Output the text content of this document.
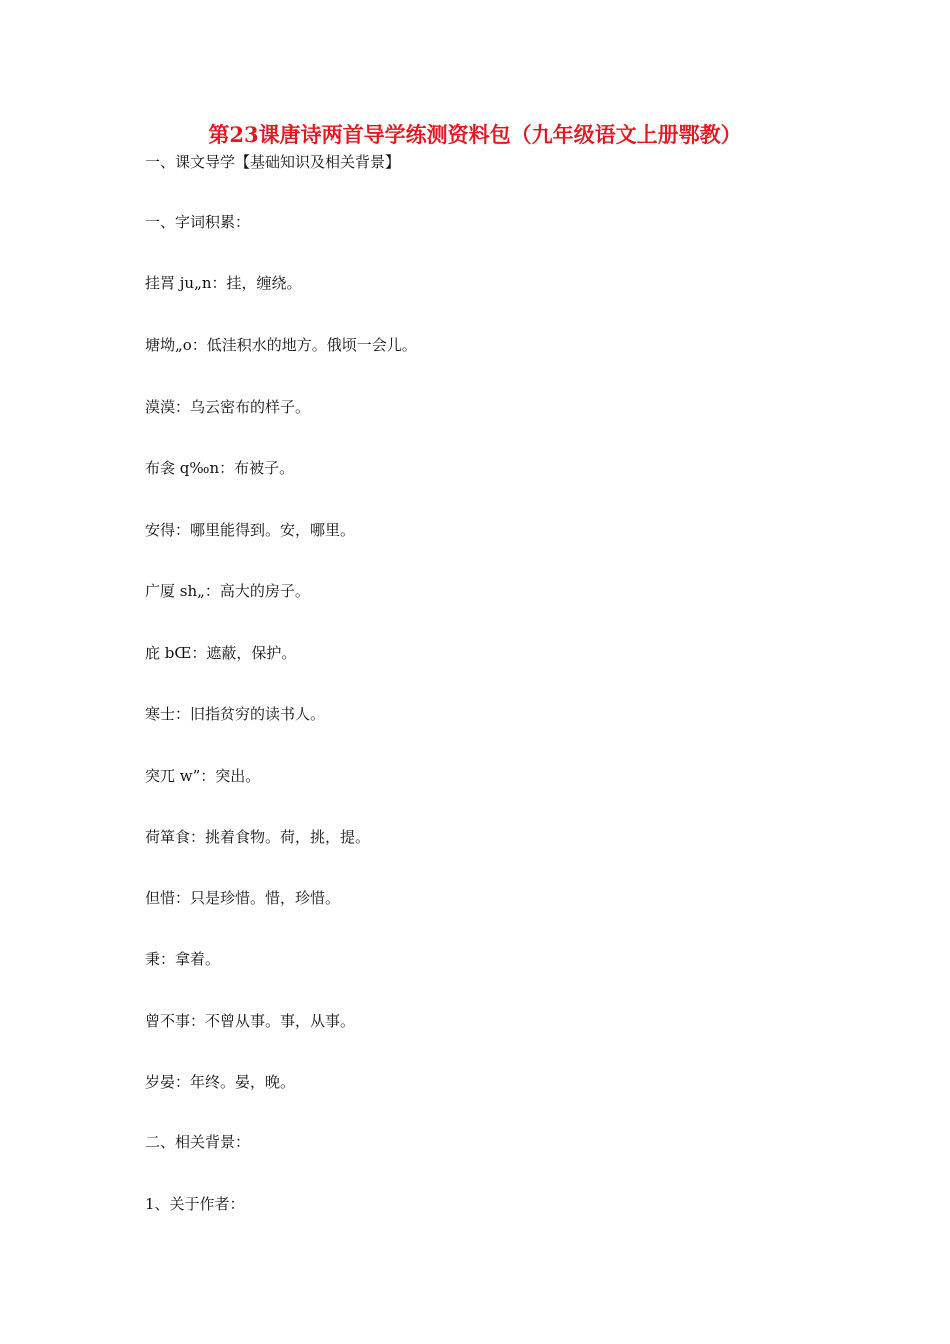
第23课唐诗两首导学练测资料包（九年级语文上册鄂教）
一、课文导学【基础知识及相关背景】
一、字词积累：
挂罥 ju„n：挂，缠绕。
塘坳„o：低洼积水的地方。俄顷一会儿。
漠漠：乌云密布的样子。
布衾 q‰n：布被子。
安得：哪里能得到。安，哪里。
广厦 sh„：高大的房子。
庇 bŒ：遮蔽，保护。
寒士：旧指贫穷的读书人。
突兀 w”：突出。
荷箪食：挑着食物。荷，挑，提。
但惜：只是珍惜。惜，珍惜。
秉：拿着。
曾不事：不曾从事。事，从事。
岁晏：年终。晏，晚。
二、相关背景：
1、关于作者：
